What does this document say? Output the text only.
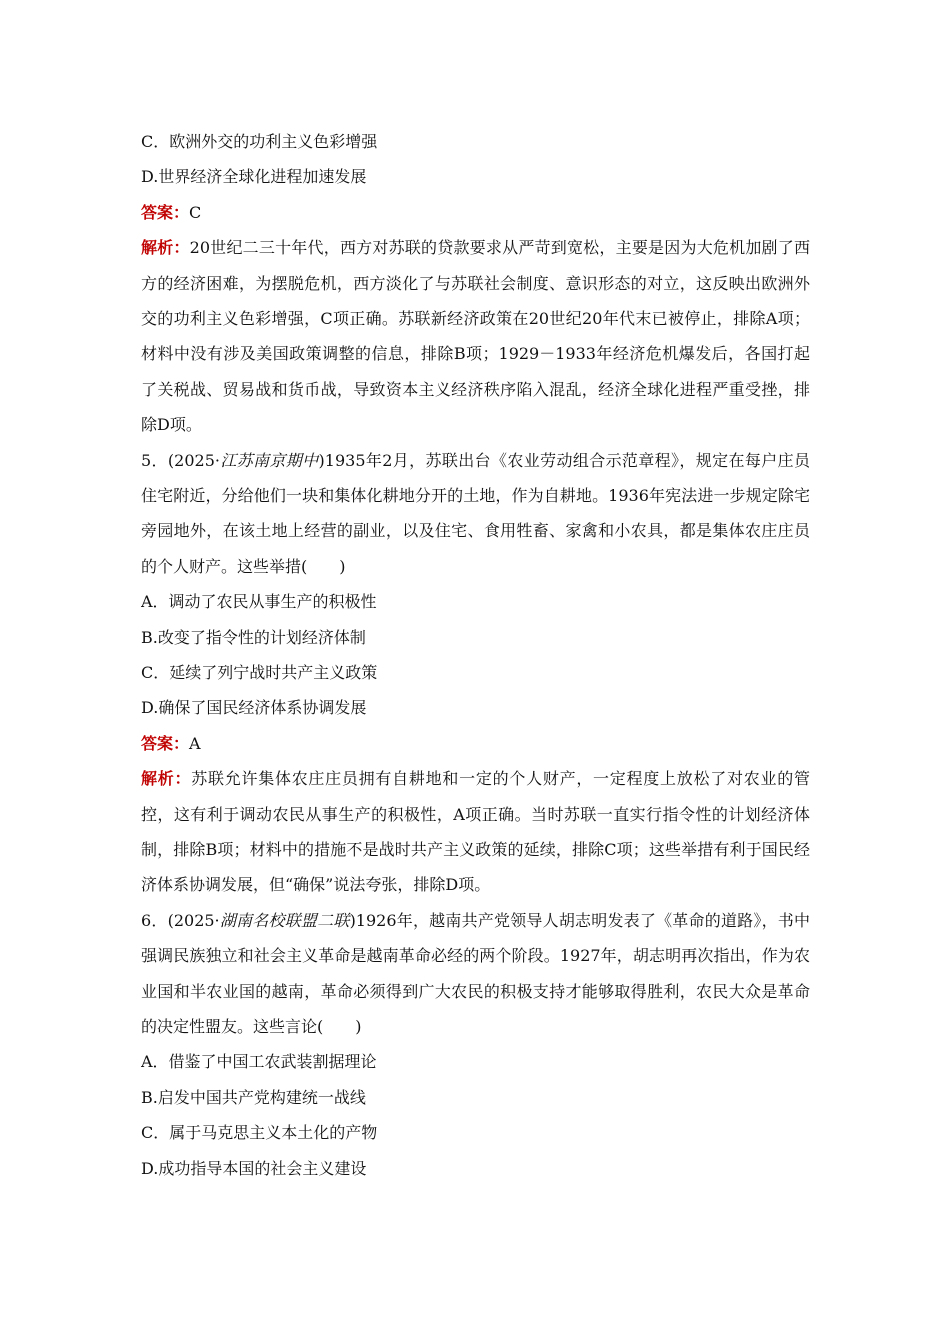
C．欧洲外交的功利主义色彩增强
D.世界经济全球化进程加速发展
答案：C
解析：20世纪二三十年代，西方对苏联的贷款要求从严苛到宽松，主要是因为大危机加剧了西方的经济困难，为摆脱危机，西方淡化了与苏联社会制度、意识形态的对立，这反映出欧洲外交的功利主义色彩增强，C项正确。苏联新经济政策在20世纪20年代末已被停止，排除A项；材料中没有涉及美国政策调整的信息，排除B项；1929－1933年经济危机爆发后，各国打起了关税战、贸易战和货币战，导致资本主义经济秩序陷入混乱，经济全球化进程严重受挫，排除D项。
5．(2025·江苏南京期中)1935年2月，苏联出台《农业劳动组合示范章程》，规定在每户庄员住宅附近，分给他们一块和集体化耕地分开的土地，作为自耕地。1936年宪法进一步规定除宅旁园地外，在该土地上经营的副业，以及住宅、食用牲畜、家禽和小农具，都是集体农庄庄员的个人财产。这些举措(　　)
A．调动了农民从事生产的积极性
B.改变了指令性的计划经济体制
C．延续了列宁战时共产主义政策
D.确保了国民经济体系协调发展
答案：A
解析：苏联允许集体农庄庄员拥有自耕地和一定的个人财产，一定程度上放松了对农业的管控，这有利于调动农民从事生产的积极性，A项正确。当时苏联一直实行指令性的计划经济体制，排除B项；材料中的措施不是战时共产主义政策的延续，排除C项；这些举措有利于国民经济体系协调发展，但“确保”说法夸张，排除D项。
6．(2025·湖南名校联盟二联)1926年，越南共产党领导人胡志明发表了《革命的道路》，书中强调民族独立和社会主义革命是越南革命必经的两个阶段。1927年，胡志明再次指出，作为农业国和半农业国的越南，革命必须得到广大农民的积极支持才能够取得胜利，农民大众是革命的决定性盟友。这些言论(　　)
A．借鉴了中国工农武装割据理论
B.启发中国共产党构建统一战线
C．属于马克思主义本土化的产物
D.成功指导本国的社会主义建设
